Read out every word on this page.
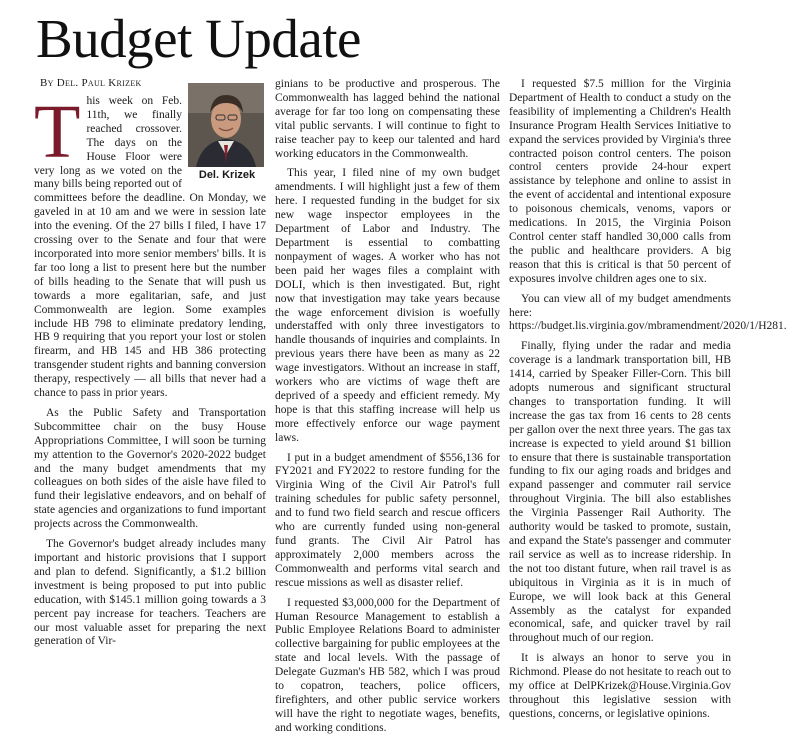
Budget Update
By Del. Paul Krizek
Del. Krizek
T his week on Feb. 11th, we finally reached crossover. The days on the House Floor were very long as we voted on the many bills being reported out of committees before the deadline. On Monday, we gaveled in at 10 am and we were in session late into the evening. Of the 27 bills I filed, I have 17 crossing over to the Senate and four that were incorporated into more senior members' bills. It is far too long a list to present here but the number of bills heading to the Senate that will push us towards a more egalitarian, safe, and just Commonwealth are legion. Some examples include HB 798 to eliminate predatory lending, HB 9 requiring that you report your lost or stolen firearm, and HB 145 and HB 386 protecting transgender student rights and banning conversion therapy, respectively — all bills that never had a chance to pass in prior years.

As the Public Safety and Transportation Subcommittee chair on the busy House Appropriations Committee, I will soon be turning my attention to the Governor's 2020-2022 budget and the many budget amendments that my colleagues on both sides of the aisle have filed to fund their legislative endeavors, and on behalf of state agencies and organizations to fund important projects across the Commonwealth.

The Governor's budget already includes many important and historic provisions that I support and plan to defend. Significantly, a $1.2 billion investment is being proposed to put into public education, with $145.1 million going towards a 3 percent pay increase for teachers. Teachers are our most valuable asset for preparing the next generation of Vir-

ginians to be productive and prosperous. The Commonwealth has lagged behind the national average for far too long on compensating these vital public servants. I will continue to fight to raise teacher pay to keep our talented and hard working educators in the Commonwealth.

This year, I filed nine of my own budget amendments. I will highlight just a few of them here. I requested funding in the budget for six new wage inspector employees in the Department of Labor and Industry. The Department is essential to combatting nonpayment of wages. A worker who has not been paid her wages files a complaint with DOLI, which is then investigated. But, right now that investigation may take years because the wage enforcement division is woefully understaffed with only three investigators to handle thousands of inquiries and complaints. In previous years there have been as many as 22 wage investigators. Without an increase in staff, workers who are victims of wage theft are deprived of a speedy and efficient remedy. My hope is that this staffing increase will help us more effectively enforce our wage payment laws.

I put in a budget amendment of $556,136 for FY2021 and FY2022 to restore funding for the Virginia Wing of the Civil Air Patrol's full training schedules for public safety personnel, and to fund two field search and rescue officers who are currently funded using non-general fund grants. The Civil Air Patrol has approximately 2,000 members across the Commonwealth and performs vital search and rescue missions as well as disaster relief.

I requested $3,000,000 for the Department of Human Resource Management to establish a Public Employee Relations Board to administer collective bargaining for public employees at the state and local levels. With the passage of Delegate Guzman's HB 582, which I was proud to copatron, teachers, police officers, firefighters, and other public service workers will have the right to negotiate wages, benefits, and working conditions.

I requested $7.5 million for the Virginia Department of Health to conduct a study on the feasibility of implementing a Children's Health Insurance Program Health Services Initiative to expand the services provided by Virginia's three contracted poison control centers. The poison control centers provide 24-hour expert assistance by telephone and online to assist in the event of accidental and intentional exposure to poisonous chemicals, venoms, vapors or medications. In 2015, the Virginia Poison Control center staff handled 30,000 calls from the public and healthcare providers. A big reason that this is critical is that 50 percent of exposures involve children ages one to six.

You can view all of my budget amendments here: https://budget.lis.virginia.gov/mbramendment/2020/1/H281.

Finally, flying under the radar and media coverage is a landmark transportation bill, HB 1414, carried by Speaker Filler-Corn. This bill adopts numerous and significant structural changes to transportation funding. It will increase the gas tax from 16 cents to 28 cents per gallon over the next three years. The gas tax increase is expected to yield around $1 billion to ensure that there is sustainable transportation funding to fix our aging roads and bridges and expand passenger and commuter rail service throughout Virginia. The bill also establishes the Virginia Passenger Rail Authority. The authority would be tasked to promote, sustain, and expand the State's passenger and commuter rail service as well as to increase ridership. In the not too distant future, when rail travel is as ubiquitous in Virginia as it is in much of Europe, we will look back at this General Assembly as the catalyst for expanded economical, safe, and quicker travel by rail throughout much of our region.

It is always an honor to serve you in Richmond. Please do not hesitate to reach out to my office at DelPKrizek@House.Virginia.Gov throughout this legislative session with questions, concerns, or legislative opinions.
